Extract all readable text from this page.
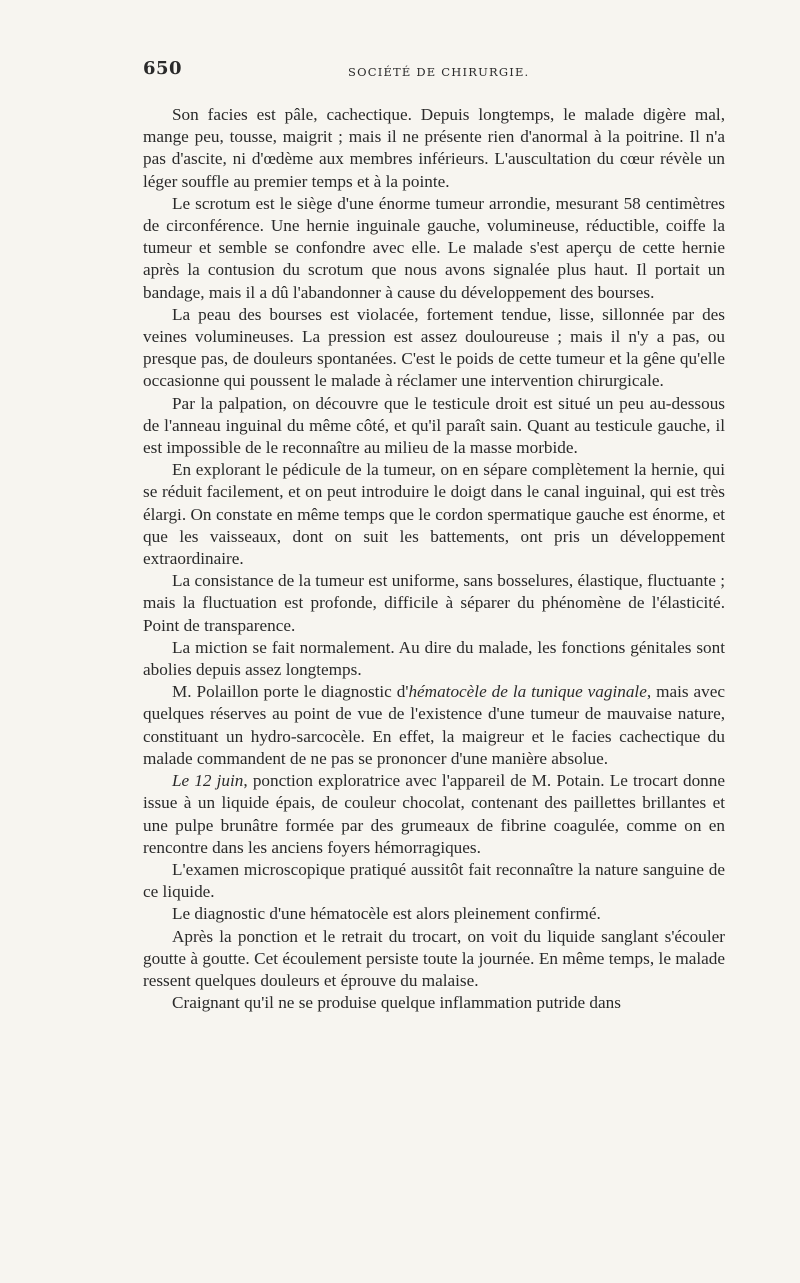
650	SOCIÉTÉ DE CHIRURGIE.

Son facies est pâle, cachectique. Depuis longtemps, le malade digère mal, mange peu, tousse, maigrit ; mais il ne présente rien d'anormal à la poitrine. Il n'a pas d'ascite, ni d'œdème aux membres inférieurs. L'auscultation du cœur révèle un léger souffle au premier temps et à la pointe.

Le scrotum est le siège d'une énorme tumeur arrondie, mesurant 58 centimètres de circonférence. Une hernie inguinale gauche, volumineuse, réductible, coiffe la tumeur et semble se confondre avec elle. Le malade s'est aperçu de cette hernie après la contusion du scrotum que nous avons signalée plus haut. Il portait un bandage, mais il a dû l'abandonner à cause du développement des bourses.

La peau des bourses est violacée, fortement tendue, lisse, sillonnée par des veines volumineuses. La pression est assez douloureuse ; mais il n'y a pas, ou presque pas, de douleurs spontanées. C'est le poids de cette tumeur et la gêne qu'elle occasionne qui poussent le malade à réclamer une intervention chirurgicale.

Par la palpation, on découvre que le testicule droit est situé un peu au-dessous de l'anneau inguinal du même côté, et qu'il paraît sain. Quant au testicule gauche, il est impossible de le reconnaître au milieu de la masse morbide.

En explorant le pédicule de la tumeur, on en sépare complètement la hernie, qui se réduit facilement, et on peut introduire le doigt dans le canal inguinal, qui est très élargi. On constate en même temps que le cordon spermatique gauche est énorme, et que les vaisseaux, dont on suit les battements, ont pris un développement extraordinaire.

La consistance de la tumeur est uniforme, sans bosselures, élastique, fluctuante ; mais la fluctuation est profonde, difficile à séparer du phénomène de l'élasticité. Point de transparence.

La miction se fait normalement. Au dire du malade, les fonctions génitales sont abolies depuis assez longtemps.

M. Polaillon porte le diagnostic d'hématocèle de la tunique vaginale, mais avec quelques réserves au point de vue de l'existence d'une tumeur de mauvaise nature, constituant un hydro-sarcocèle. En effet, la maigreur et le facies cachectique du malade commandent de ne pas se prononcer d'une manière absolue.

Le 12 juin, ponction exploratrice avec l'appareil de M. Potain. Le trocart donne issue à un liquide épais, de couleur chocolat, contenant des paillettes brillantes et une pulpe brunâtre formée par des grumeaux de fibrine coagulée, comme on en rencontre dans les anciens foyers hémorragiques.

L'examen microscopique pratiqué aussitôt fait reconnaître la nature sanguine de ce liquide.

Le diagnostic d'une hématocèle est alors pleinement confirmé.

Après la ponction et le retrait du trocart, on voit du liquide sanglant s'écouler goutte à goutte. Cet écoulement persiste toute la journée. En même temps, le malade ressent quelques douleurs et éprouve du malaise.

Craignant qu'il ne se produise quelque inflammation putride dans
